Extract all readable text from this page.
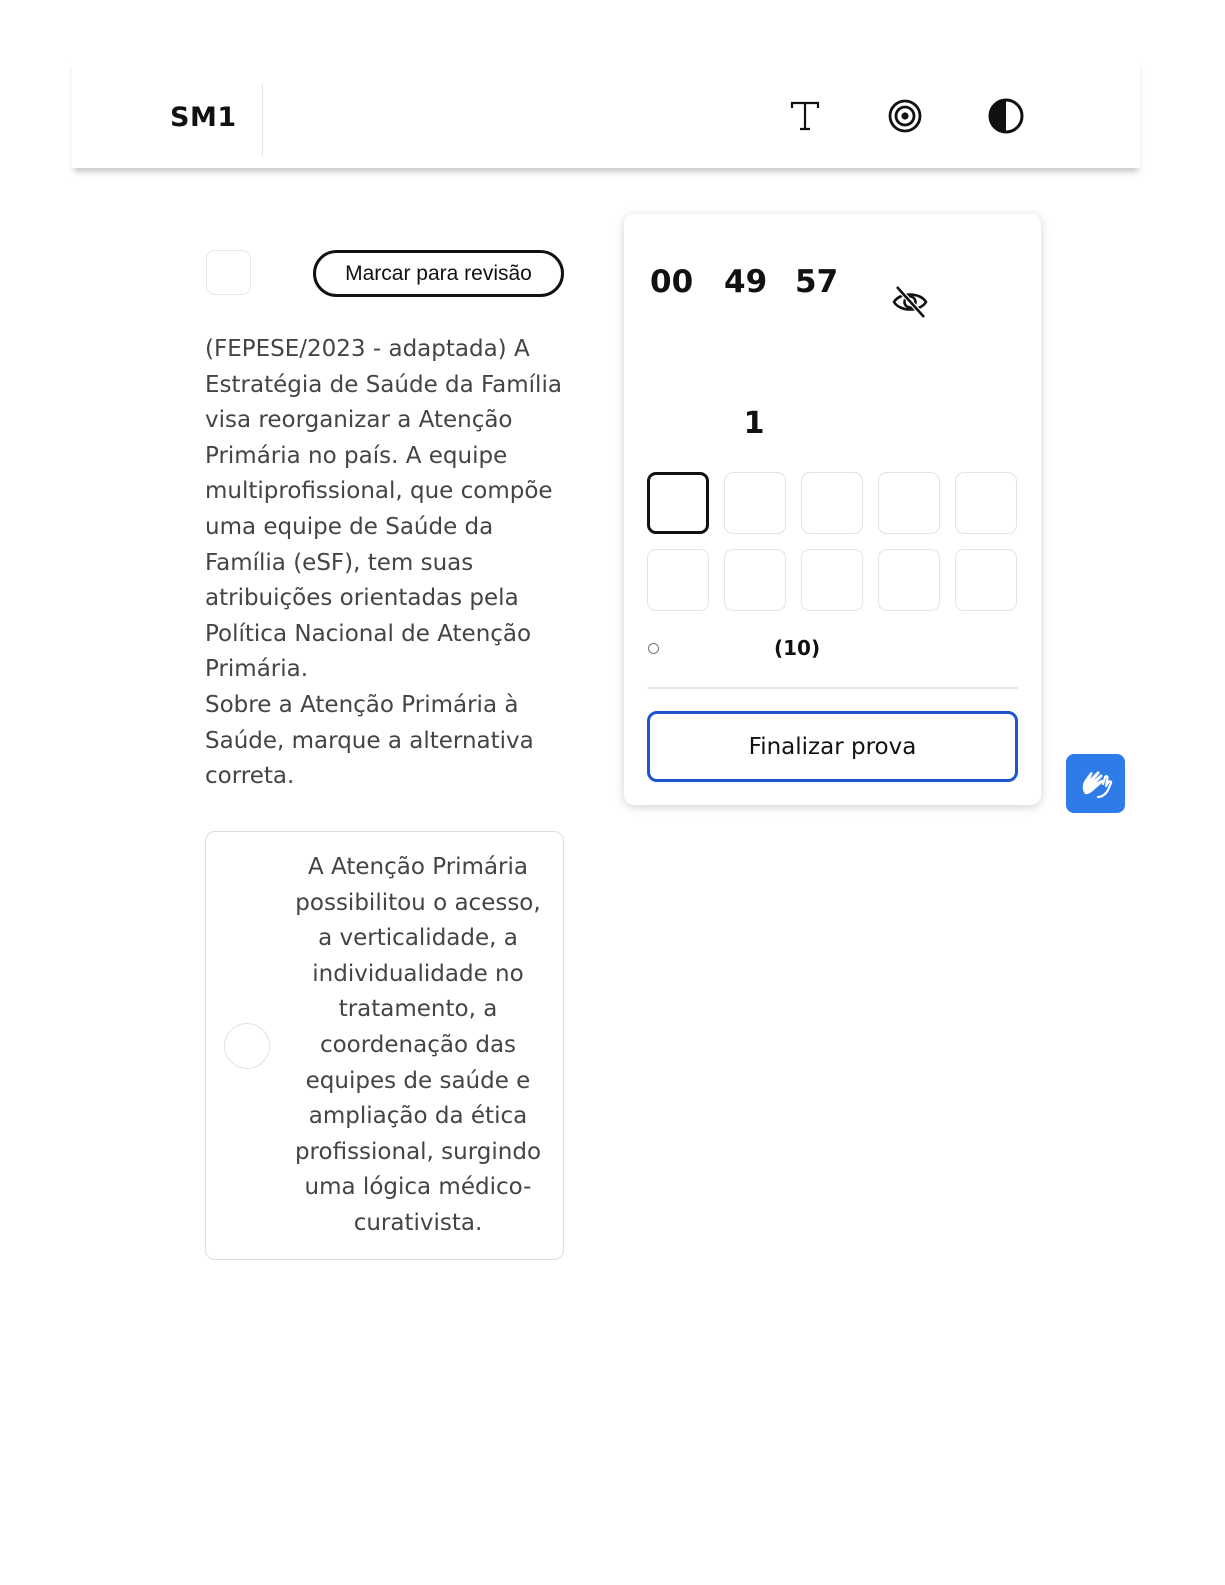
SM1
Marcar para revisão

(FEPESE/2023 - adaptada) A Estratégia de Saúde da Família visa reorganizar a Atenção Primária no país. A equipe multiprofissional, que compõe uma equipe de Saúde da Família (eSF), tem suas atribuições orientadas pela Política Nacional de Atenção Primária.

Sobre a Atenção Primária à Saúde, marque a alternativa correta.

A Atenção Primária possibilitou o acesso, a verticalidade, a individualidade no tratamento, a coordenação das equipes de saúde e ampliação da ética profissional, surgindo uma lógica médico-curativista.
00 49 57
1
(10)
Finalizar prova
